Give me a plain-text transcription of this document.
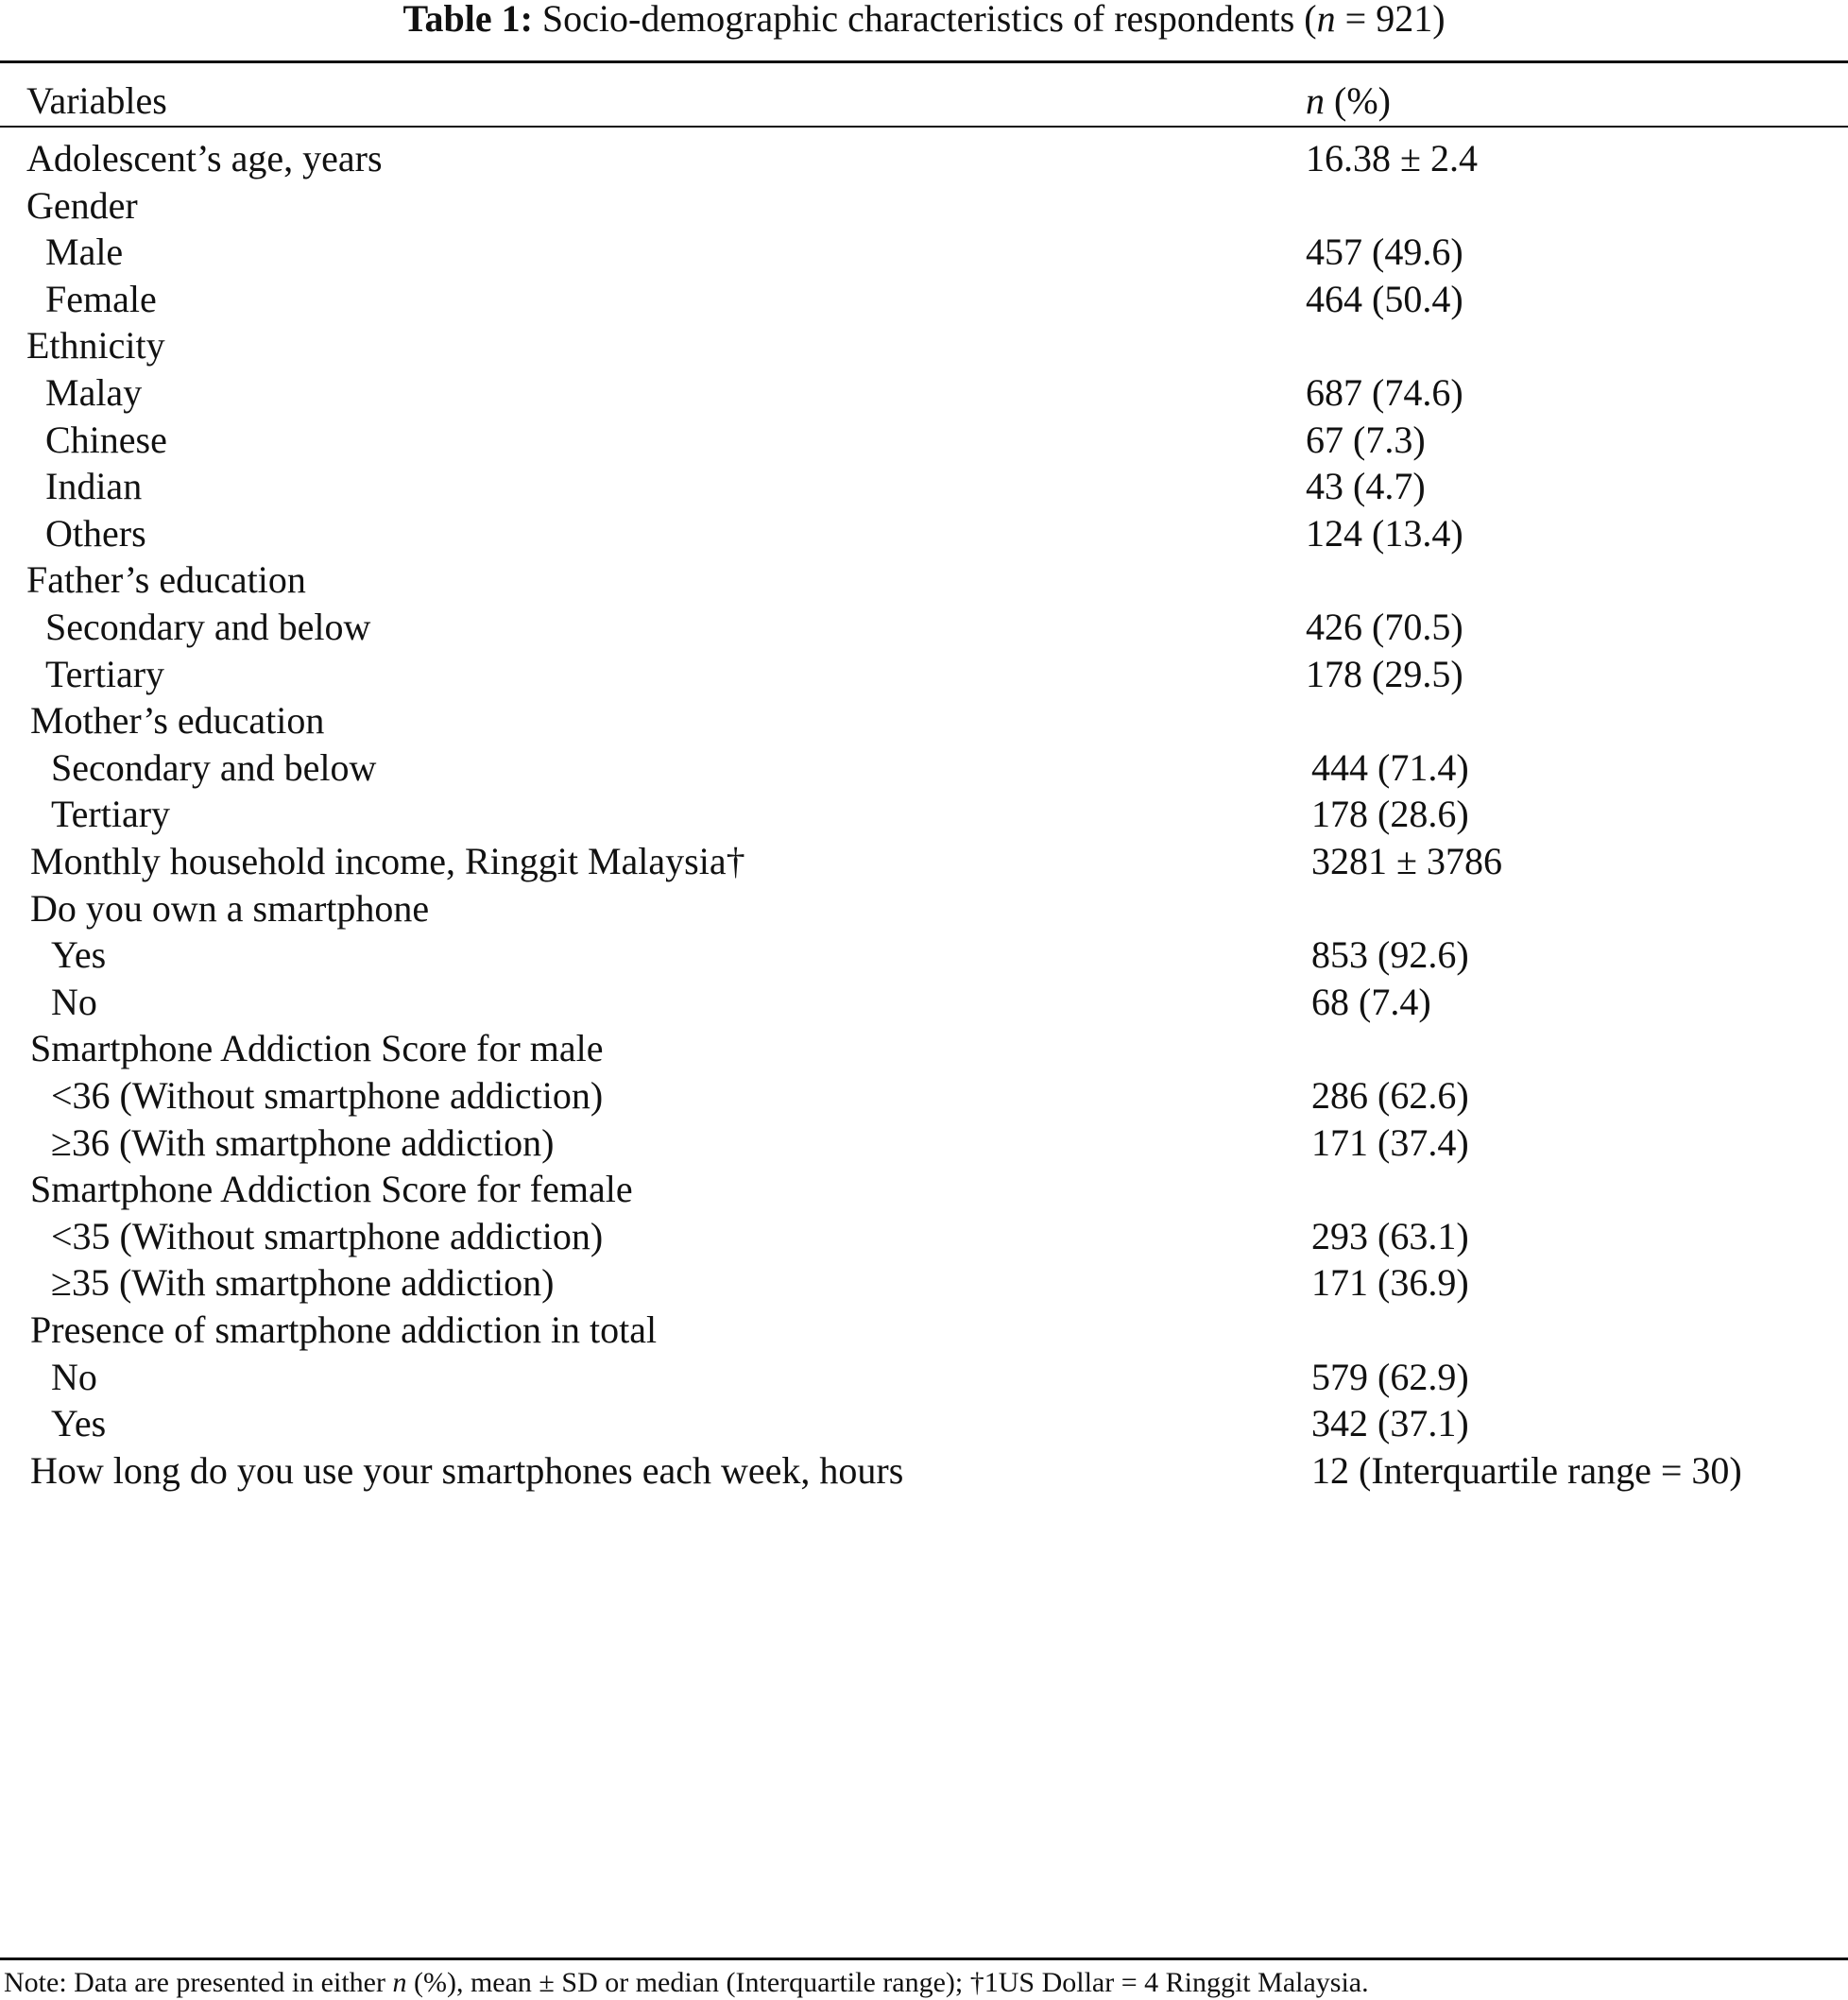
Table 1: Socio-demographic characteristics of respondents (n = 921)
Variables	n (%)
Adolescent’s age, years	16.38 ± 2.4
Gender
Male	457 (49.6)
Female	464 (50.4)
Ethnicity
Malay	687 (74.6)
Chinese	67 (7.3)
Indian	43 (4.7)
Others	124 (13.4)
Father’s education
Secondary and below	426 (70.5)
Tertiary	178 (29.5)
Mother’s education
Secondary and below	444 (71.4)
Tertiary	178 (28.6)
Monthly household income, Ringgit Malaysia†	3281 ± 3786
Do you own a smartphone
Yes	853 (92.6)
No	68 (7.4)
Smartphone Addiction Score for male
<36 (Without smartphone addiction)	286 (62.6)
≥36 (With smartphone addiction)	171 (37.4)
Smartphone Addiction Score for female
<35 (Without smartphone addiction)	293 (63.1)
≥35 (With smartphone addiction)	171 (36.9)
Presence of smartphone addiction in total
No	579 (62.9)
Yes	342 (37.1)
How long do you use your smartphones each week, hours	12 (Interquartile range = 30)
Note: Data are presented in either n (%), mean ± SD or median (Interquartile range); †1US Dollar = 4 Ringgit Malaysia.
